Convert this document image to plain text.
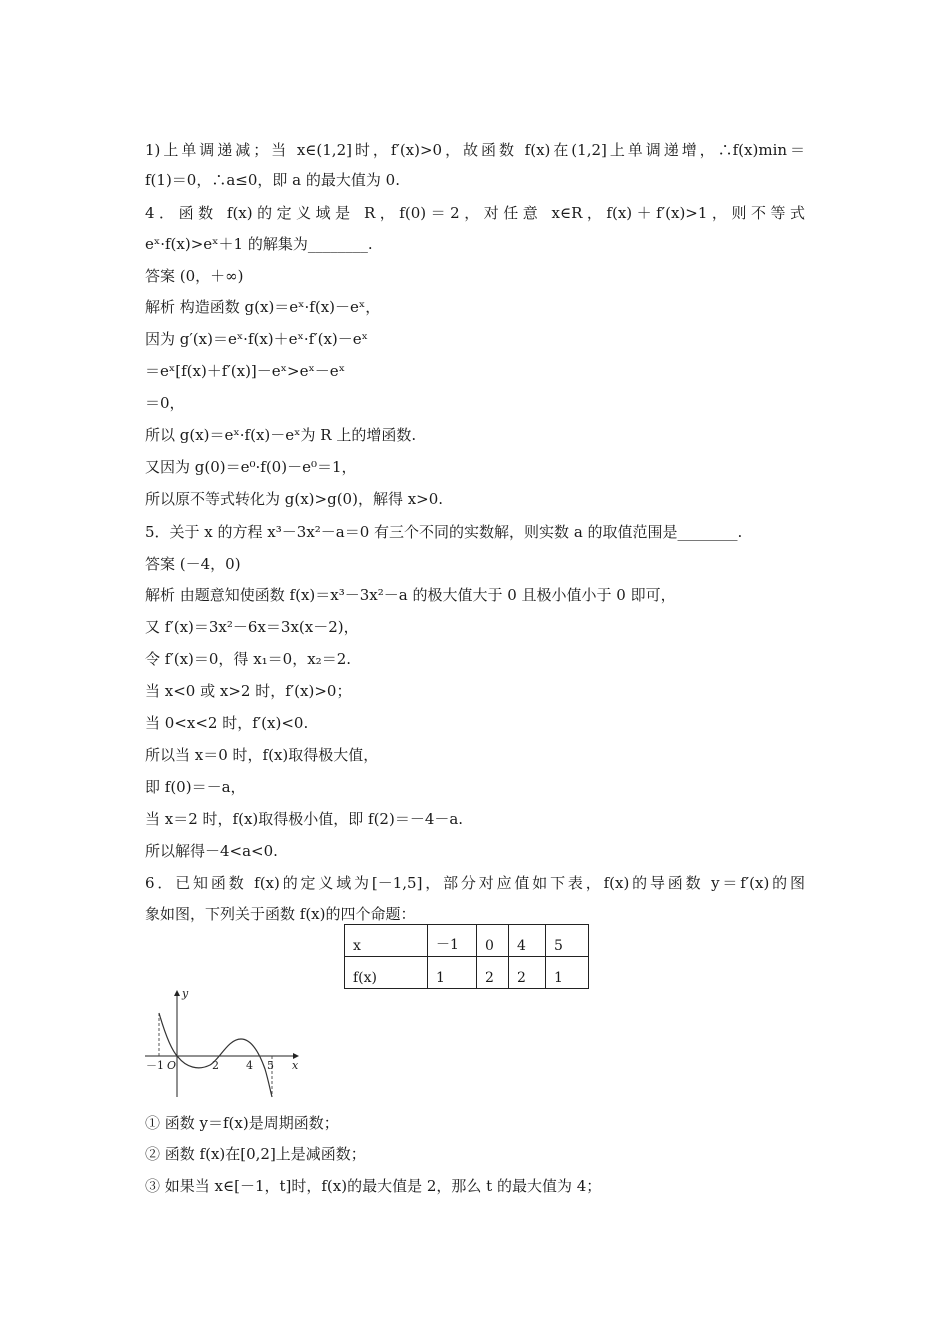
1)上单调递减；当 x∈(1,2]时，f′(x)>0，故函数 f(x)在(1,2]上单调递增，∴f(x)min＝
f(1)＝0，∴a≤0，即 a 的最大值为 0.
4．函数 f(x)的定义域是 R，f(0)＝2，对任意 x∈R，f(x)＋f′(x)>1，则不等式
eˣ·f(x)>eˣ＋1 的解集为________.
答案 (0，＋∞)
解析 构造函数 g(x)＝eˣ·f(x)－eˣ，
因为 g′(x)＝eˣ·f(x)＋eˣ·f′(x)－eˣ
＝eˣ[f(x)＋f′(x)]－eˣ>eˣ－eˣ
＝0，
所以 g(x)＝eˣ·f(x)－eˣ为 R 上的增函数.
又因为 g(0)＝e⁰·f(0)－e⁰＝1，
所以原不等式转化为 g(x)>g(0)，解得 x>0.
5．关于 x 的方程 x³－3x²－a＝0 有三个不同的实数解，则实数 a 的取值范围是________.
答案 (－4，0)
解析 由题意知使函数 f(x)＝x³－3x²－a 的极大值大于 0 且极小值小于 0 即可，
又 f′(x)＝3x²－6x＝3x(x－2)，
令 f′(x)＝0，得 x₁＝0，x₂＝2.
当 x<0 或 x>2 时，f′(x)>0；
当 0<x<2 时，f′(x)<0.
所以当 x＝0 时，f(x)取得极大值，
即 f(0)＝－a，
当 x＝2 时，f(x)取得极小值，即 f(2)＝－4－a.
所以解得－4<a<0.
6．已知函数 f(x)的定义域为[－1,5]，部分对应值如下表，f(x)的导函数 y＝f′(x)的图
象如图，下列关于函数 f(x)的四个命题：
x	－1	0	4	5
f(x)	1	2	2	1
y
x
O
－1	2 4 5
① 函数 y＝f(x)是周期函数；
② 函数 f(x)在[0,2]上是减函数；
③ 如果当 x∈[－1，t]时，f(x)的最大值是 2，那么 t 的最大值为 4；
